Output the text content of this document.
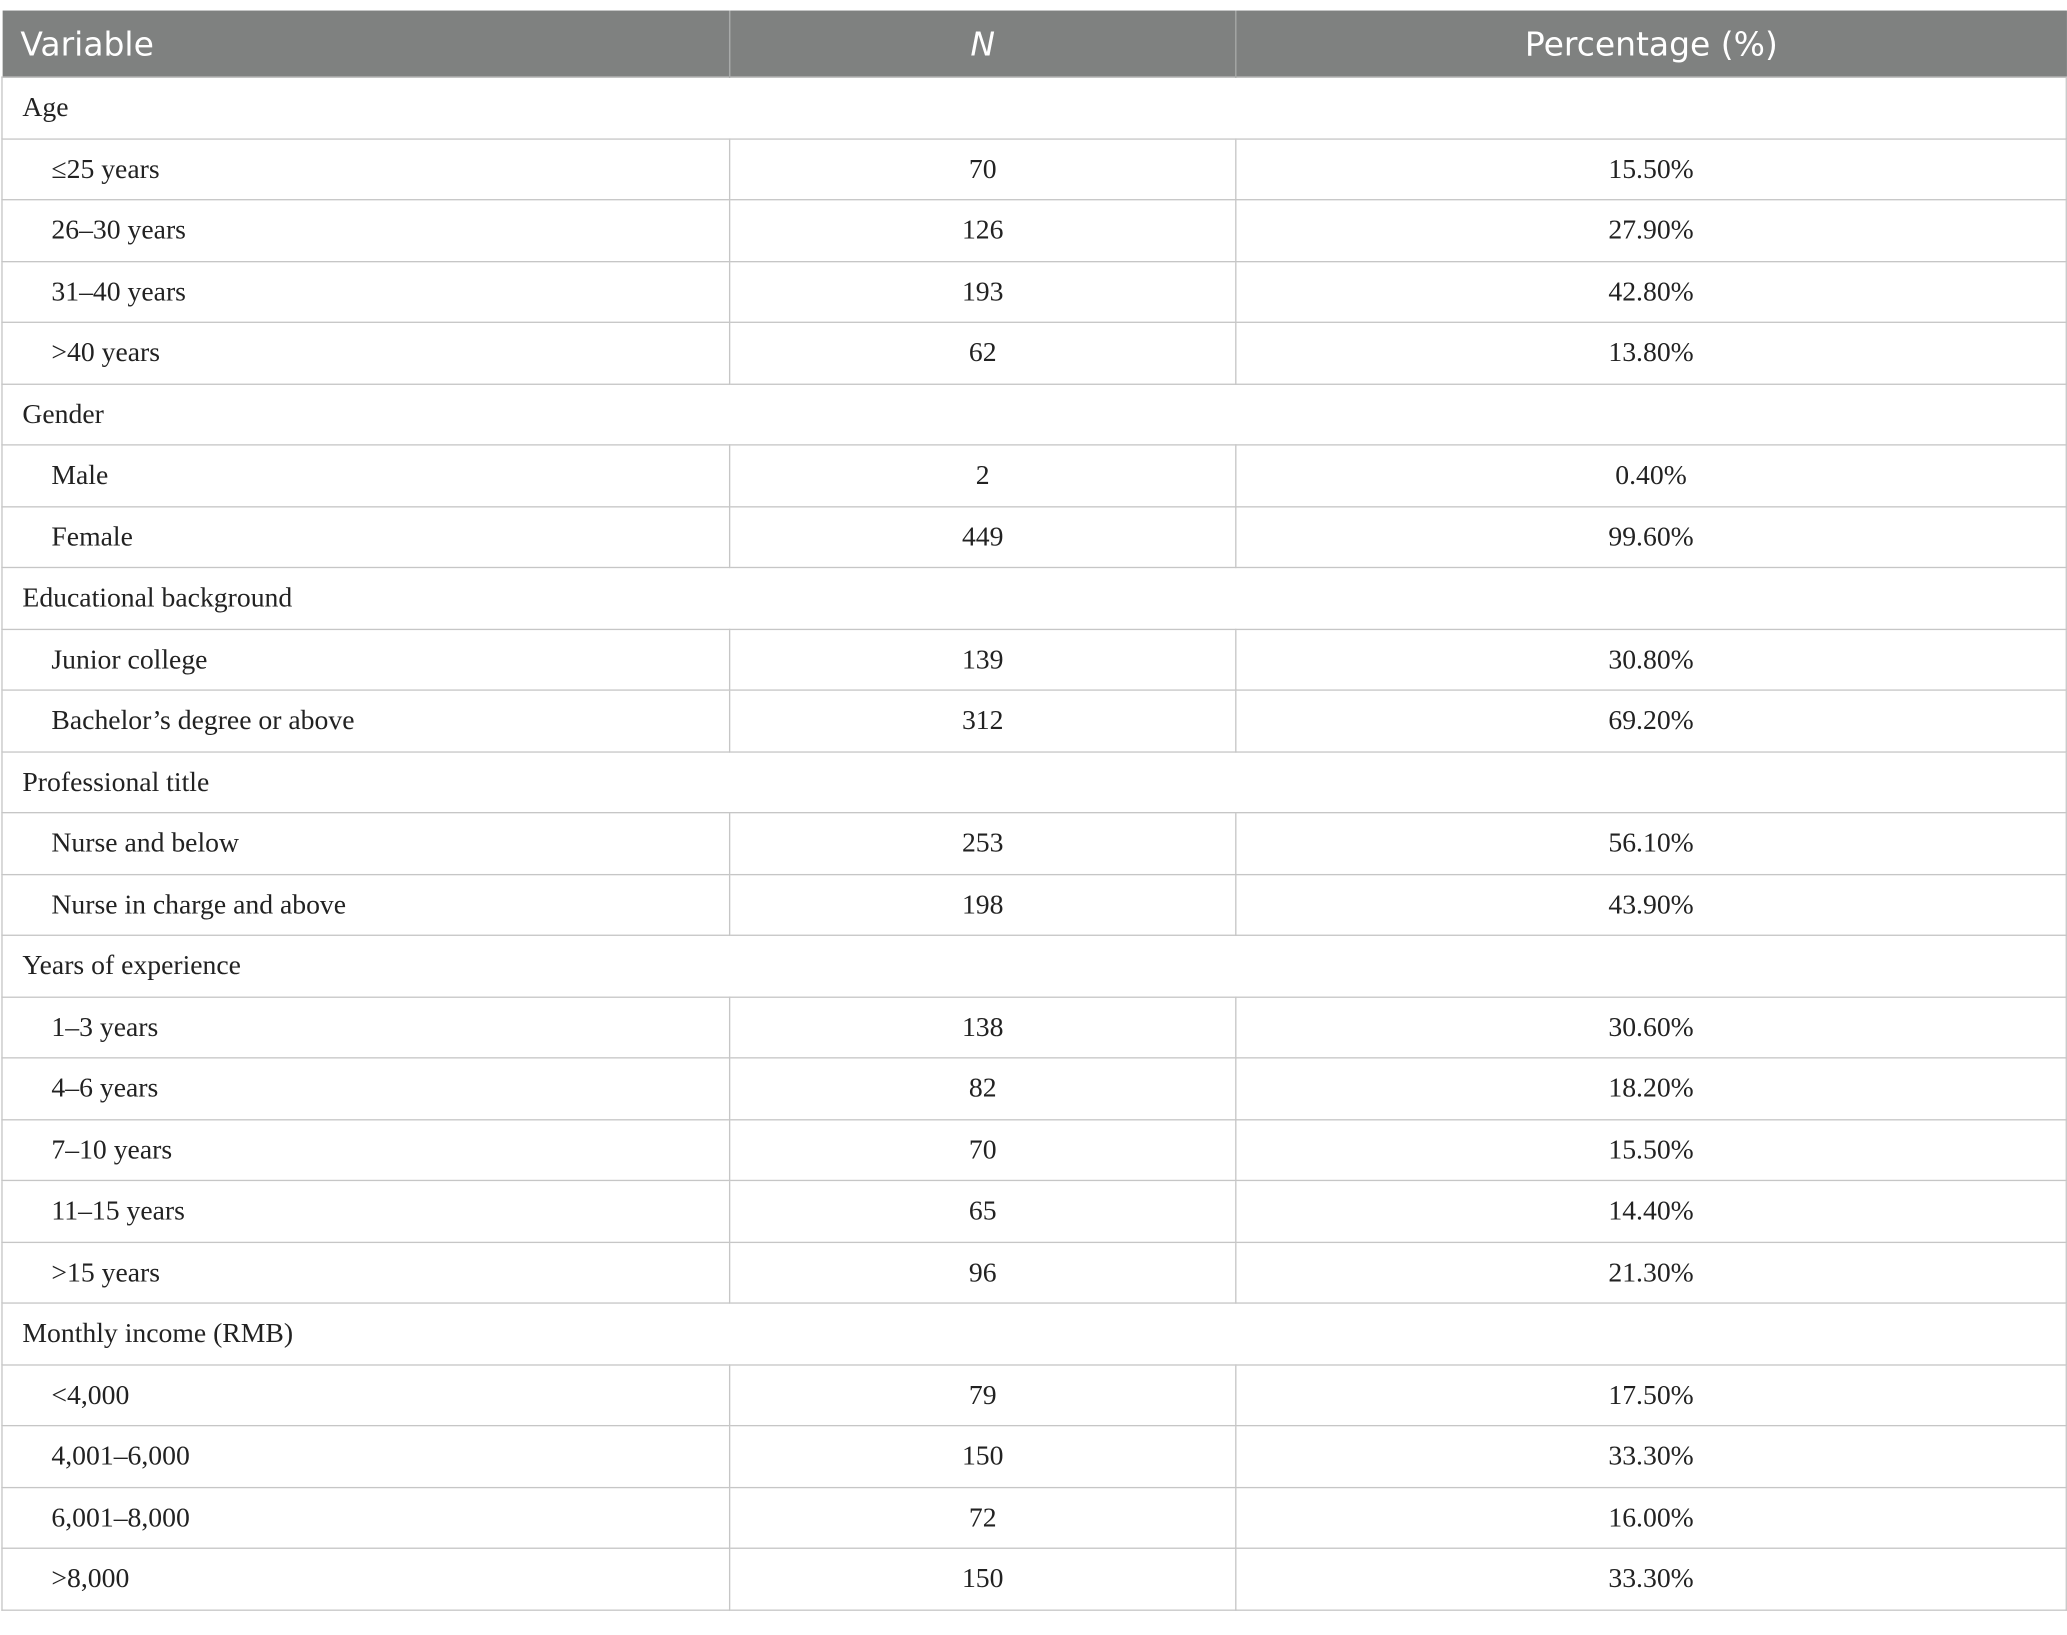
Variable	N	Percentage (%)
Age		
≤25 years	70	15.50%
26–30 years	126	27.90%
31–40 years	193	42.80%
>40 years	62	13.80%
Gender		
Male	2	0.40%
Female	449	99.60%
Educational background		
Junior college	139	30.80%
Bachelor’s degree or above	312	69.20%
Professional title		
Nurse and below	253	56.10%
Nurse in charge and above	198	43.90%
Years of experience		
1–3 years	138	30.60%
4–6 years	82	18.20%
7–10 years	70	15.50%
11–15 years	65	14.40%
>15 years	96	21.30%
Monthly income (RMB)		
<4,000	79	17.50%
4,001–6,000	150	33.30%
6,001–8,000	72	16.00%
>8,000	150	33.30%
